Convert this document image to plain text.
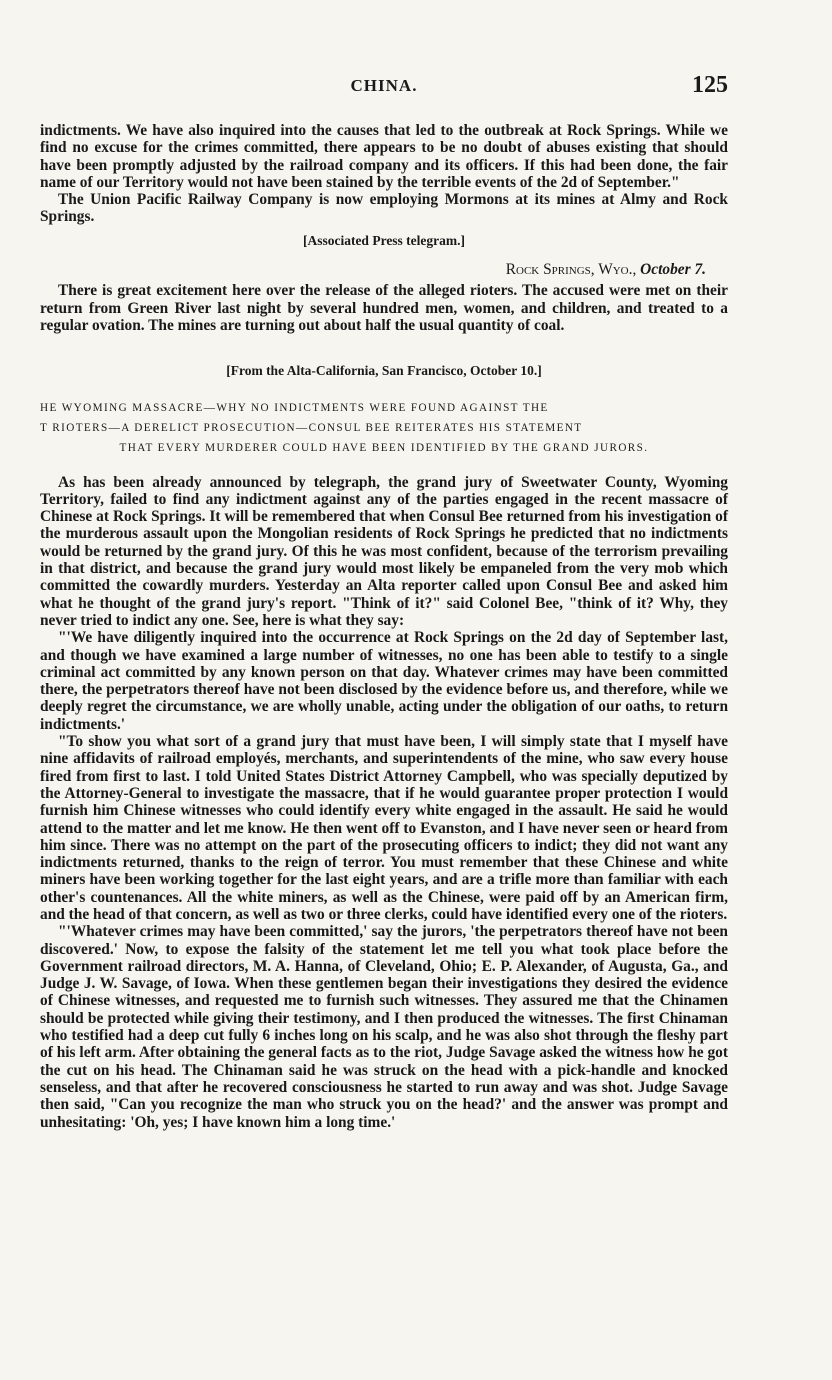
CHINA.	125

indictments. We have also inquired into the causes that led to the outbreak at Rock Springs. While we find no excuse for the crimes committed, there appears to be no doubt of abuses existing that should have been promptly adjusted by the railroad company and its officers. If this had been done, the fair name of our Territory would not have been stained by the terrible events of the 2d of September."

The Union Pacific Railway Company is now employing Mormons at its mines at Almy and Rock Springs.

[Associated Press telegram.]

Rock Springs, Wyo., October 7.

There is great excitement here over the release of the alleged rioters. The accused were met on their return from Green River last night by several hundred men, women, and children, and treated to a regular ovation. The mines are turning out about half the usual quantity of coal.

[From the Alta-California, San Francisco, October 10.]

HE WYOMING MASSACRE—WHY NO INDICTMENTS WERE FOUND AGAINST THE
T RIOTERS—A DERELICT PROSECUTION—CONSUL BEE REITERATES HIS STATEMENT
THAT EVERY MURDERER COULD HAVE BEEN IDENTIFIED BY THE GRAND JURORS.

As has been already announced by telegraph, the grand jury of Sweetwater County, Wyoming Territory, failed to find any indictment against any of the parties engaged in the recent massacre of Chinese at Rock Springs. It will be remembered that when Consul Bee returned from his investigation of the murderous assault upon the Mongolian residents of Rock Springs he predicted that no indictments would be returned by the grand jury. Of this he was most confident, because of the terrorism prevailing in that district, and because the grand jury would most likely be empaneled from the very mob which committed the cowardly murders. Yesterday an Alta reporter called upon Consul Bee and asked him what he thought of the grand jury's report. "Think of it?" said Colonel Bee, "think of it? Why, they never tried to indict any one. See, here is what they say:

"'We have diligently inquired into the occurrence at Rock Springs on the 2d day of September last, and though we have examined a large number of witnesses, no one has been able to testify to a single criminal act committed by any known person on that day. Whatever crimes may have been committed there, the perpetrators thereof have not been disclosed by the evidence before us, and therefore, while we deeply regret the circumstance, we are wholly unable, acting under the obligation of our oaths, to return indictments.'

"To show you what sort of a grand jury that must have been, I will simply state that I myself have nine affidavits of railroad employés, merchants, and superintendents of the mine, who saw every house fired from first to last. I told United States District Attorney Campbell, who was specially deputized by the Attorney-General to investigate the massacre, that if he would guarantee proper protection I would furnish him Chinese witnesses who could identify every white engaged in the assault. He said he would attend to the matter and let me know. He then went off to Evanston, and I have never seen or heard from him since. There was no attempt on the part of the prosecuting officers to indict; they did not want any indictments returned, thanks to the reign of terror. You must remember that these Chinese and white miners have been working together for the last eight years, and are a trifle more than familiar with each other's countenances. All the white miners, as well as the Chinese, were paid off by an American firm, and the head of that concern, as well as two or three clerks, could have identified every one of the rioters.

"'Whatever crimes may have been committed,' say the jurors, 'the perpetrators thereof have not been discovered.' Now, to expose the falsity of the statement let me tell you what took place before the Government railroad directors, M. A. Hanna, of Cleveland, Ohio; E. P. Alexander, of Augusta, Ga., and Judge J. W. Savage, of Iowa. When these gentlemen began their investigations they desired the evidence of Chinese witnesses, and requested me to furnish such witnesses. They assured me that the Chinamen should be protected while giving their testimony, and I then produced the witnesses. The first Chinaman who testified had a deep cut fully 6 inches long on his scalp, and he was also shot through the fleshy part of his left arm. After obtaining the general facts as to the riot, Judge Savage asked the witness how he got the cut on his head. The Chinaman said he was struck on the head with a pick-handle and knocked senseless, and that after he recovered consciousness he started to run away and was shot. Judge Savage then said, "Can you recognize the man who struck you on the head?' and the answer was prompt and unhesitating: 'Oh, yes; I have known him a long time.'
